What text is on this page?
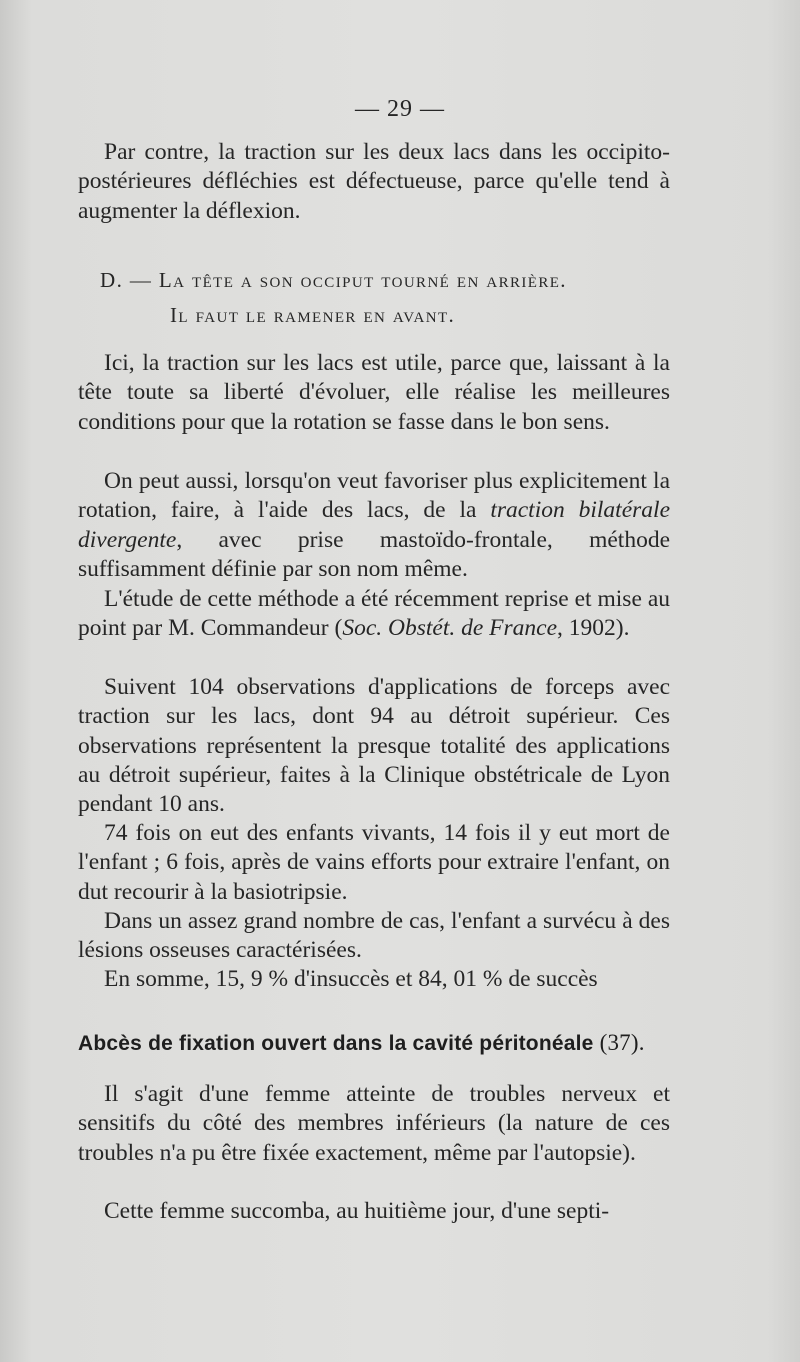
— 29 —

Par contre, la traction sur les deux lacs dans les occipito-postérieures défléchies est défectueuse, parce qu'elle tend à augmenter la déflexion.

D. — La tête a son occiput tourné en arrière.
Il faut le ramener en avant.

Ici, la traction sur les lacs est utile, parce que, laissant à la tête toute sa liberté d'évoluer, elle réalise les meilleures conditions pour que la rotation se fasse dans le bon sens.

On peut aussi, lorsqu'on veut favoriser plus explicitement la rotation, faire, à l'aide des lacs, de la traction bilatérale divergente, avec prise mastoïdo-frontale, méthode suffisamment définie par son nom même.

L'étude de cette méthode a été récemment reprise et mise au point par M. Commandeur (Soc. Obstét. de France, 1902).

Suivent 104 observations d'applications de forceps avec traction sur les lacs, dont 94 au détroit supérieur. Ces observations représentent la presque totalité des applications au détroit supérieur, faites à la Clinique obstétricale de Lyon pendant 10 ans.

74 fois on eut des enfants vivants, 14 fois il y eut mort de l'enfant ; 6 fois, après de vains efforts pour extraire l'enfant, on dut recourir à la basiotripsie.

Dans un assez grand nombre de cas, l'enfant a survécu à des lésions osseuses caractérisées.

En somme, 15, 9 % d'insuccès et 84, 01 % de succès

Abcès de fixation ouvert dans la cavité péritonéale (37).

Il s'agit d'une femme atteinte de troubles nerveux et sensitifs du côté des membres inférieurs (la nature de ces troubles n'a pu être fixée exactement, même par l'autopsie).

Cette femme succomba, au huitième jour, d'une septi-
